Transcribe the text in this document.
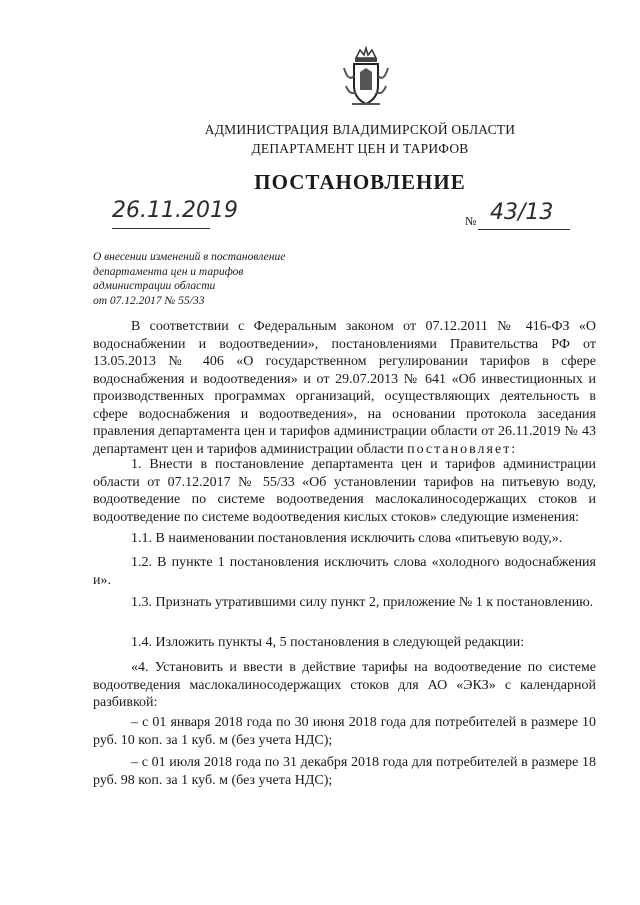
АДМИНИСТРАЦИЯ ВЛАДИМИРСКОЙ ОБЛАСТИ
ДЕПАРТАМЕНТ ЦЕН И ТАРИФОВ
ПОСТАНОВЛЕНИЕ
26.11.2019	№ 43/13
О внесении изменений в постановление
департамента цен и тарифов
администрации области
от 07.12.2017 № 55/33

В соответствии с Федеральным законом от 07.12.2011 № 416-ФЗ «О водоснабжении и водоотведении», постановлениями Правительства РФ от 13.05.2013 № 406 «О государственном регулировании тарифов в сфере водоснабжения и водоотведения» и от 29.07.2013 № 641 «Об инвестиционных и производственных программах организаций, осуществляющих деятельность в сфере водоснабжения и водоотведения», на основании протокола заседания правления департамента цен и тарифов администрации области от 26.11.2019 № 43 департамент цен и тарифов администрации области постановляет:

1. Внести в постановление департамента цен и тарифов администрации области от 07.12.2017 № 55/33 «Об установлении тарифов на питьевую воду, водоотведение по системе водоотведения маслокалиносодержащих стоков и водоотведение по системе водоотведения кислых стоков» следующие изменения:

1.1. В наименовании постановления исключить слова «питьевую воду,».

1.2. В пункте 1 постановления исключить слова «холодного водоснабжения и».

1.3. Признать утратившими силу пункт 2, приложение № 1 к постановлению.

1.4. Изложить пункты 4, 5 постановления в следующей редакции:

«4. Установить и ввести в действие тарифы на водоотведение по системе водоотведения маслокалиносодержащих стоков для АО «ЭКЗ» с календарной разбивкой:

– с 01 января 2018 года по 30 июня 2018 года для потребителей в размере 10 руб. 10 коп. за 1 куб. м (без учета НДС);

– с 01 июля 2018 года по 31 декабря 2018 года для потребителей в размере 18 руб. 98 коп. за 1 куб. м (без учета НДС);
